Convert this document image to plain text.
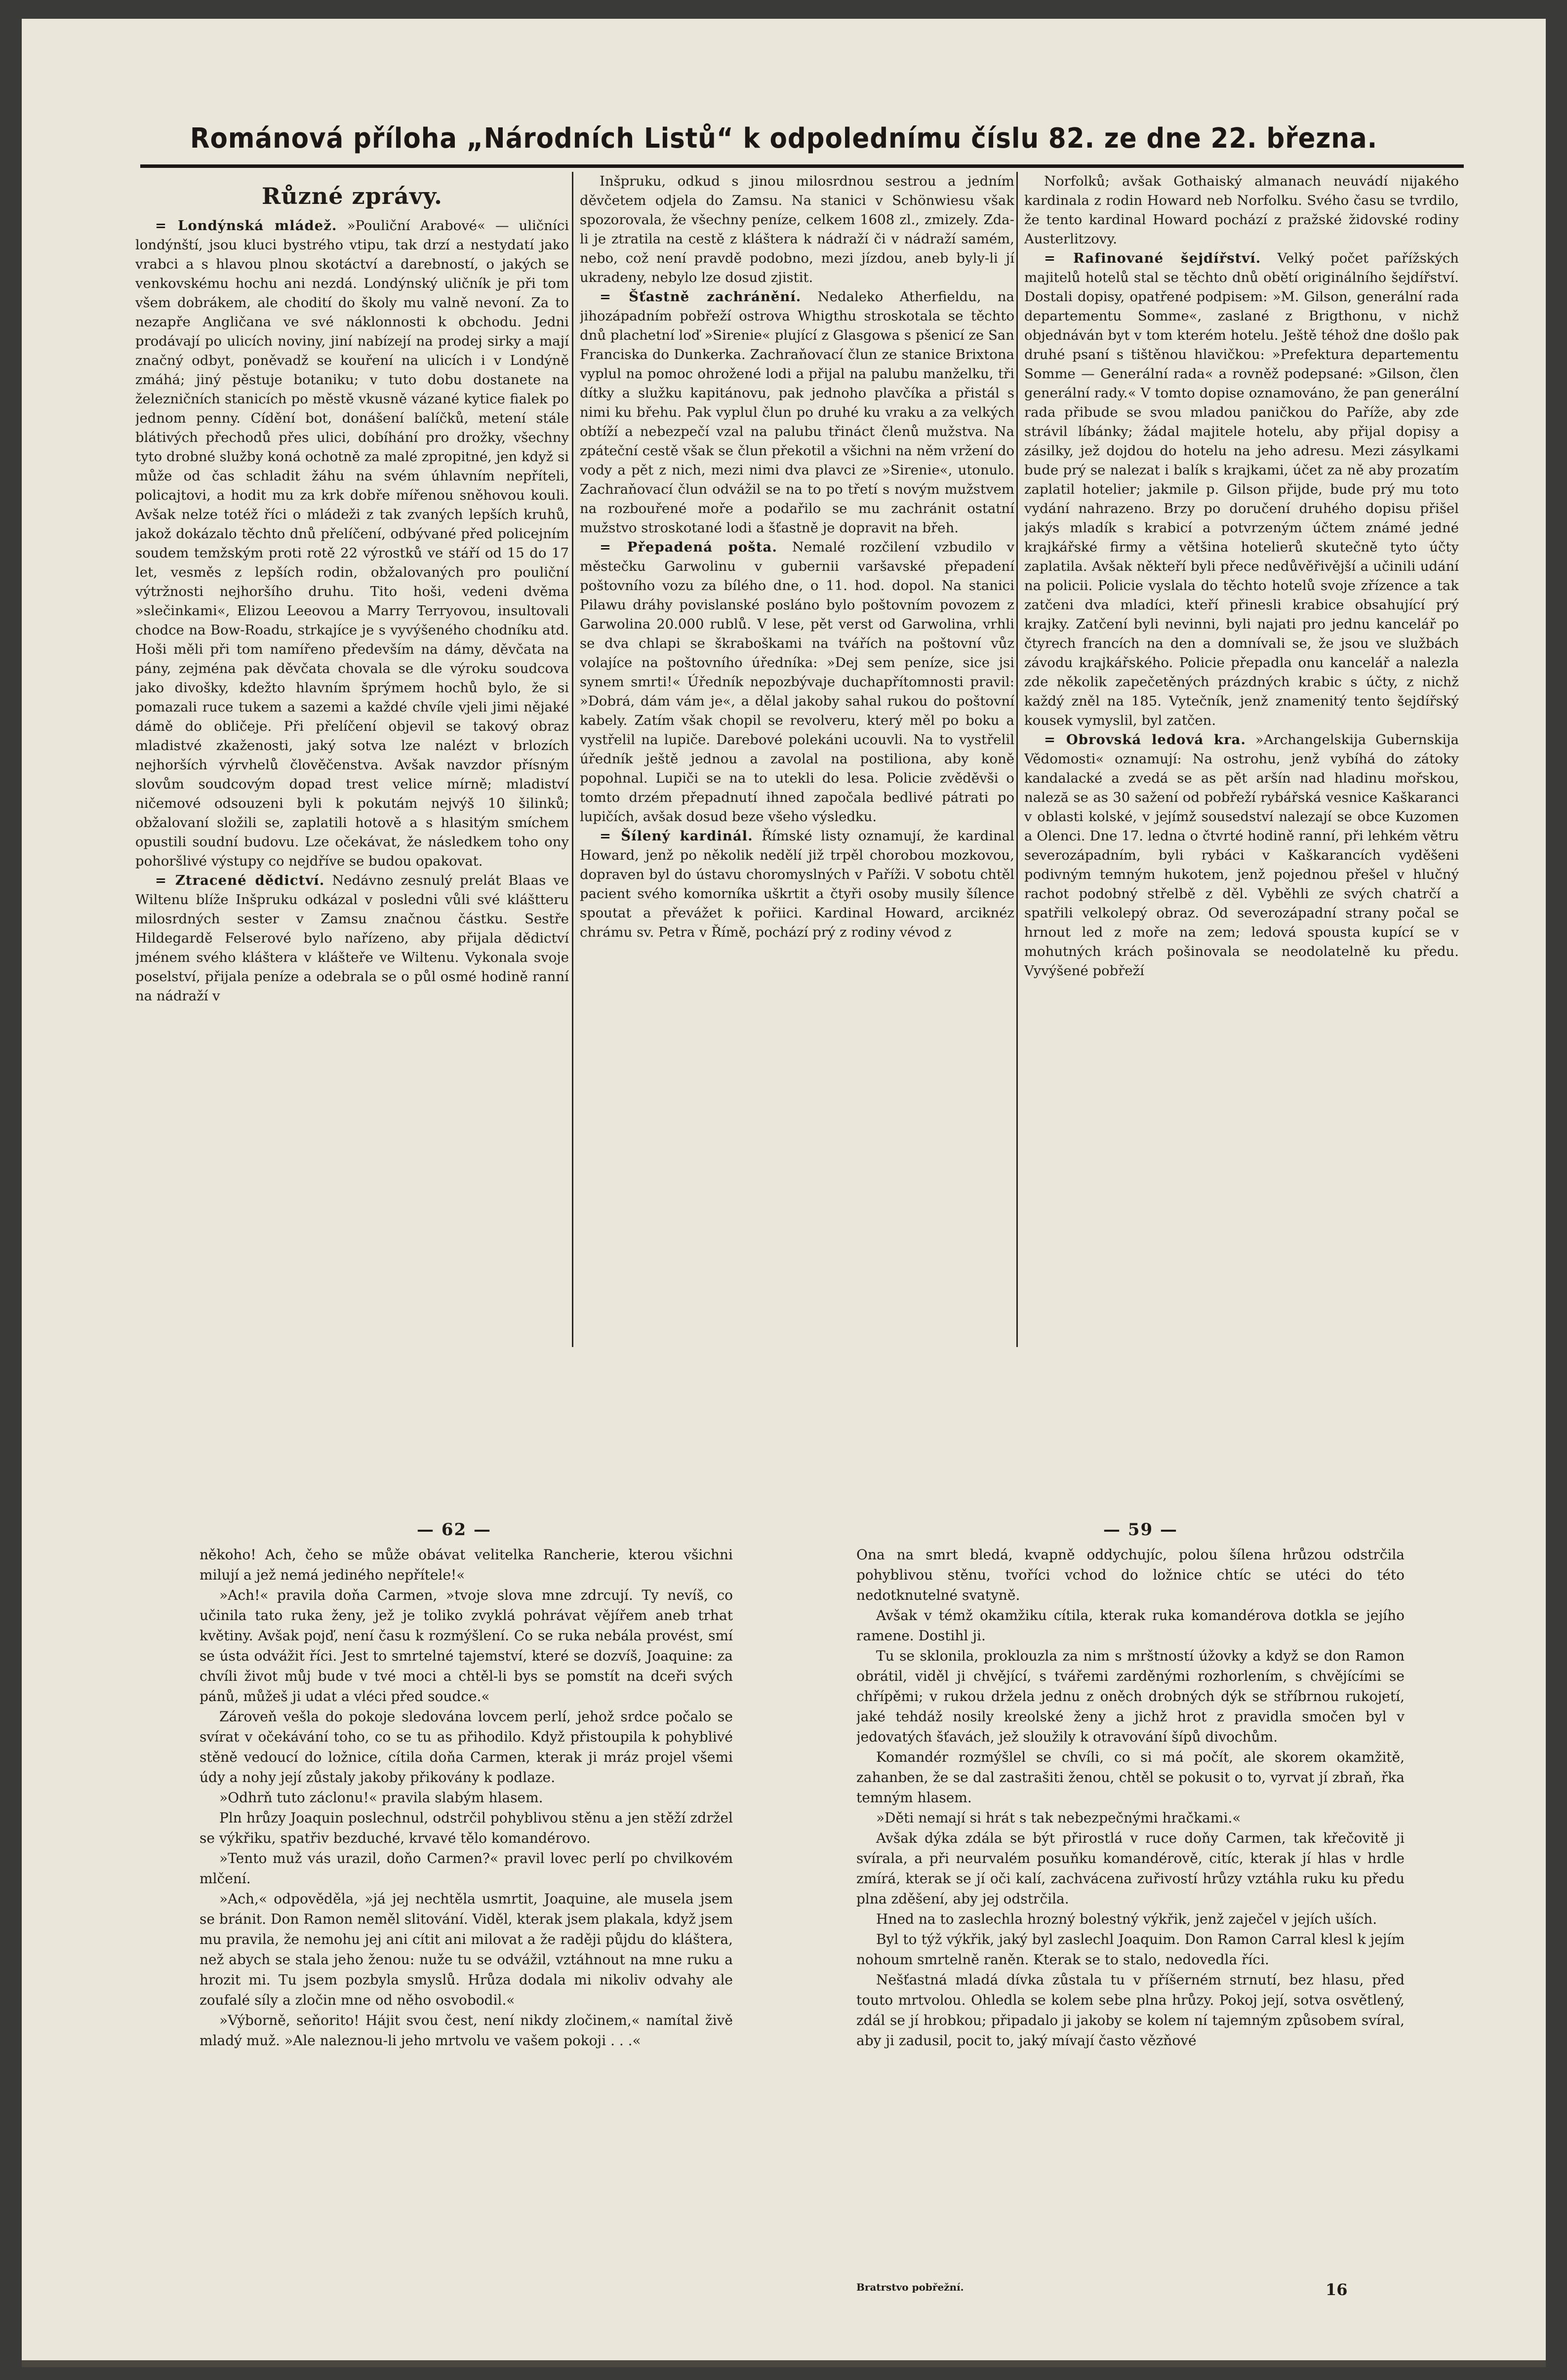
Románová příloha „Národních Listů“ k odpolednímu číslu 82. ze dne 22. března.
Různé zprávy.

= Londýnská mládež. »Pouliční Arabové« — uličníci londýnští, jsou kluci bystrého vtipu, tak drzí a nestydatí jako vrabci a s hlavou plnou skotáctví a darebností, o jakých se venkovskému hochu ani nezdá. Londýnský uličník je při tom všem dobrákem, ale chodití do školy mu valně nevoní. Za to nezapře Angličana ve své náklonnosti k obchodu. Jedni prodávají po ulicích noviny, jiní nabízejí na prodej sirky a mají značný odbyt, poněvadž se kouření na ulicích i v Londýně zmáhá; jiný pěstuje botaniku; v tuto dobu dostanete na železničních stanicích po městě vkusně vázané kytice fialek po jednom penny. Cídění bot, donášení balíčků, metení stále blátivých přechodů přes ulici, dobíhání pro drožky, všechny tyto drobné služby koná ochotně za malé zpropitné, jen když si může od čas schladit žáhu na svém úhlavním nepříteli, policajtovi, a hodit mu za krk dobře mířenou sněhovou kouli. Avšak nelze totéž říci o mládeži z tak zvaných lepších kruhů, jakož dokázalo těchto dnů přelíčení, odbývané před policejním soudem temžským proti rotě 22 výrostků ve stáří od 15 do 17 let, vesměs z lepších rodin, obžalovaných pro pouliční výtržnosti nejhoršího druhu. Tito hoši, vedeni dvěma »slečinkami«, Elizou Leeovou a Marry Terryovou, insultovali chodce na Bow-Roadu, strkajíce je s vyvýšeného chodníku atd. Hoši měli při tom namířeno především na dámy, děvčata na pány, zejména pak děvčata chovala se dle výroku soudcova jako divošky, kdežto hlavním šprýmem hochů bylo, že si pomazali ruce tukem a sazemi a každé chvíle vjeli jimi nějaké dámě do obličeje. Při přelíčení objevil se takový obraz mladistvé zkaženosti, jaký sotva lze nalézt v brlozích nejhorších výrvhelů člověčenstva. Avšak navzdor přísným slovům soudcovým dopad trest velice mírně; mladiství ničemové odsouzeni byli k pokutám nejvýš 10 šilinků; obžalovaní složili se, zaplatili hotově a s hlasitým smíchem opustili soudní budovu. Lze očekávat, že následkem toho ony pohoršlivé výstupy co nejdříve se budou opakovat.

= Ztracené dědictví. Nedávno zesnulý prelát Blaas ve Wiltenu blíže Inšpruku odkázal v posledni vůli své kláštteru milosrdných sester v Zamsu značnou částku. Sestře Hildegardě Felserové bylo nařízeno, aby přijala dědictví jménem svého kláštera v klášteře ve Wiltenu. Vykonala svoje poselství, přijala peníze a odebrala se o půl osmé hodině ranní na nádraží v

Inšpruku, odkud s jinou milosrdnou sestrou a jedním děvčetem odjela do Zamsu. Na stanici v Schönwiesu však spozorovala, že všechny peníze, celkem 1608 zl., zmizely. Zda-li je ztratila na cestě z kláštera k nádraží či v nádraží samém, nebo, což není pravdě podobno, mezi jízdou, aneb byly-li jí ukradeny, nebylo lze dosud zjistit.

= Šťastně zachránění. Nedaleko Atherfieldu, na jihozápadním pobřeží ostrova Whigthu stroskotala se těchto dnů plachetní loď »Sirenie« plující z Glasgowa s pšenicí ze San Franciska do Dunkerka. Zachraňovací člun ze stanice Brixtona vyplul na pomoc ohrožené lodi a přijal na palubu manželku, tři dítky a služku kapitánovu, pak jednoho plavčíka a přistál s nimi ku břehu. Pak vyplul člun po druhé ku vraku a za velkých obtíží a nebezpečí vzal na palubu třináct členů mužstva. Na zpáteční cestě však se člun překotil a všichni na něm vržení do vody a pět z nich, mezi nimi dva plavci ze »Sirenie«, utonulo. Zachraňovací člun odvážil se na to po třetí s novým mužstvem na rozbouřené moře a podařilo se mu zachránit ostatní mužstvo stroskotané lodi a šťastně je dopravit na břeh.

= Přepadená pošta. Nemalé rozčilení vzbudilo v městečku Garwolinu v gubernii varšavské přepadení poštovního vozu za bílého dne, o 11. hod. dopol. Na stanici Pilawu dráhy povislanské posláno bylo poštovním povozem z Garwolina 20.000 rublů. V lese, pět verst od Garwolina, vrhli se dva chlapi se škraboškami na tvářích na poštovní vůz volajíce na poštovního úředníka: »Dej sem peníze, sice jsi synem smrti!« Úředník nepozbývaje duchapřítomnosti pravil: »Dobrá, dám vám je«, a dělal jakoby sahal rukou do poštovní kabely. Zatím však chopil se revolveru, který měl po boku a vystřelil na lupiče. Darebové polekáni ucouvli. Na to vystřelil úředník ještě jednou a zavolal na postiliona, aby koně popohnal. Lupiči se na to utekli do lesa. Policie zvěděvši o tomto drzém přepadnutí ihned započala bedlivé pátrati po lupičích, avšak dosud beze všeho výsledku.

= Šílený kardinál. Římské listy oznamují, že kardinal Howard, jenž po několik nedělí již trpěl chorobou mozkovou, dopraven byl do ústavu choromyslných v Paříži. V sobotu chtěl pacient svého komorníka uškrtit a čtyři osoby musily šílence spoutat a převážet k pořiici. Kardinal Howard, arciknéz chrámu sv. Petra v Římě, pochází prý z rodiny vévod z

Norfolků; avšak Gothaiský almanach neuvádí nijakého kardinala z rodin Howard neb Norfolku. Svého času se tvrdilo, že tento kardinal Howard pochází z pražské židovské rodiny Austerlitzovy.

= Rafinované šejdířství. Velký počet pařížských majitelů hotelů stal se těchto dnů obětí originálního šejdířství. Dostali dopisy, opatřené podpisem: »M. Gilson, generální rada departementu Somme«, zaslané z Brigthonu, v nichž objednáván byt v tom kterém hotelu. Ještě téhož dne došlo pak druhé psaní s tištěnou hlavičkou: »Prefektura departementu Somme — Generální rada« a rovněž podepsané: »Gilson, člen generální rady.« V tomto dopise oznamováno, že pan generální rada přibude se svou mladou paničkou do Paříže, aby zde strávil líbánky; žádal majitele hotelu, aby přijal dopisy a zásilky, jež dojdou do hotelu na jeho adresu. Mezi zásylkami bude prý se nalezat i balík s krajkami, účet za ně aby prozatím zaplatil hotelier; jakmile p. Gilson přijde, bude prý mu toto vydání nahrazeno. Brzy po doručení druhého dopisu přišel jakýs mladík s krabicí a potvrzeným účtem známé jedné krajkářské firmy a většina hotelierů skutečně tyto účty zaplatila. Avšak někteří byli přece nedůvěřivější a učinili udání na policii. Policie vyslala do těchto hotelů svoje zřízence a tak zatčeni dva mladíci, kteří přinesli krabice obsahující prý krajky. Zatčení byli nevinni, byli najati pro jednu kancelář po čtyrech francích na den a domnívali se, že jsou ve službách závodu krajkářského. Policie přepadla onu kancelář a nalezla zde několik zapečetěných prázdných krabic s účty, z nichž každý zněl na 185. Vytečník, jenž znamenitý tento šejdířský kousek vymyslil, byl zatčen.

= Obrovská ledová kra. »Archangelskija Gubernskija Vědomosti« oznamují: Na ostrohu, jenž vybíhá do zátoky kandalacké a zvedá se as pět aršín nad hladinu mořskou, naleză se as 30 sažení od pobřeží rybářská vesnice Kaškaranci v oblasti kolské, v jejímž sousedství nalezají se obce Kuzomen a Olenci. Dne 17. ledna o čtvrté hodině ranní, při lehkém větru severozápadním, byli rybáci v Kaškarancích vyděšeni podivným temným hukotem, jenž pojednou přešel v hlučný rachot podobný střelbě z děl. Vyběhli ze svých chatrčí a spatřili velkolepý obraz. Od severozápadní strany počal se hrnout led z moře na zem; ledová spousta kupící se v mohutných krách pošinovala se neodolatelně ku předu. Vyvýšené pobřeží

— 62 —	— 59 —

někoho! Ach, čeho se může obávat velitelka Rancherie, kterou všichni milují a jež nemá jediného nepřítele!«

»Ach!« pravila doňa Carmen, »tvoje slova mne zdrcují. Ty nevíš, co učinila tato ruka ženy, jež je toliko zvyklá pohrávat vějířem aneb trhat květiny. Avšak pojď, není času k rozmýšlení. Co se ruka nebála provést, smí se ústa odvážit říci. Jest to smrtelné tajemství, které se dozvíš, Joaquine: za chvíli život můj bude v tvé moci a chtěl-li bys se pomstít na dceři svých pánů, můžeš ji udat a vléci před soudce.«

Zároveň vešla do pokoje sledována lovcem perlí, jehož srdce počalo se svírat v očekávání toho, co se tu as přihodilo. Když přistoupila k pohyblivé stěně vedoucí do ložnice, cítila doňa Carmen, kterak ji mráz projel všemi údy a nohy její zůstaly jakoby přikovány k podlaze.

»Odhrň tuto záclonu!« pravila slabým hlasem.

Pln hrůzy Joaquin poslechnul, odstrčil pohyblivou stěnu a jen stěží zdržel se výkřiku, spatřiv bezduché, krvavé tělo komandérovo.

»Tento muž vás urazil, doňo Carmen?« pravil lovec perlí po chvilkovém mlčení.

»Ach,« odpověděla, »já jej nechtěla usmrtit, Joaquine, ale musela jsem se bránit. Don Ramon neměl slitování. Viděl, kterak jsem plakala, když jsem mu pravila, že nemohu jej ani cítit ani milovat a že raději půjdu do kláštera, než abych se stala jeho ženou: nuže tu se odvážil, vztáhnout na mne ruku a hrozit mi. Tu jsem pozbyla smyslů. Hrůza dodala mi nikoliv odvahy ale zoufalé síly a zločin mne od něho osvobodil.«

»Výborně, seňorito! Hájit svou čest, není nikdy zločinem,« namítal živě mladý muž. »Ale naleznou-li jeho mrtvolu ve vašem pokoji . . .«

Ona na smrt bledá, kvapně oddychujíc, polou šílena hrůzou odstrčila pohyblivou stěnu, tvoříci vchod do ložnice chtíc se utéci do této nedotknutelné svatyně.

Avšak v témž okamžiku cítila, kterak ruka komandérova dotkla se jejího ramene. Dostihl ji.

Tu se sklonila, proklouzla za nim s mrštností úžovky a když se don Ramon obrátil, viděl ji chvějící, s tvářemi zarděnými rozhorlením, s chvějícími se chřípěmi; v rukou držela jednu z oněch drobných dýk se stříbrnou rukojetí, jaké tehdáž nosily kreolské ženy a jichž hrot z pravidla smočen byl v jedovatých šťavách, jež sloužily k otravování šípů divochům.

Komandér rozmýšlel se chvíli, co si má počít, ale skorem okamžitě, zahanben, že se dal zastrašiti ženou, chtěl se pokusit o to, vyrvat jí zbraň, řka temným hlasem.

»Děti nemají si hrát s tak nebezpečnými hračkami.«

Avšak dýka zdála se být přirostlá v ruce doňy Carmen, tak křečovitě ji svírala, a při neurvalém posuňku komandérově, citíc, kterak jí hlas v hrdle zmírá, kterak se jí oči kalí, zachvácena zuřivostí hrůzy vztáhla ruku ku předu plna zděšení, aby jej odstrčila.

Hned na to zaslechla hrozný bolestný výkřik, jenž zaječel v jejích uších.

Byl to týž výkřik, jaký byl zaslechl Joaquim. Don Ramon Carral klesl k jejím nohoum smrtelně raněn. Kterak se to stalo, nedovedla říci.

Nešťastná mladá dívka zůstala tu v příšerném strnutí, bez hlasu, před touto mrtvolou. Ohledla se kolem sebe plna hrůzy. Pokoj její, sotva osvětlený, zdál se jí hrobkou; připadalo ji jakoby se kolem ní tajemným způsobem svíral, aby ji zadusil, pocit to, jaký mívají často vězňové

Bratrstvo pobřežní.	16
